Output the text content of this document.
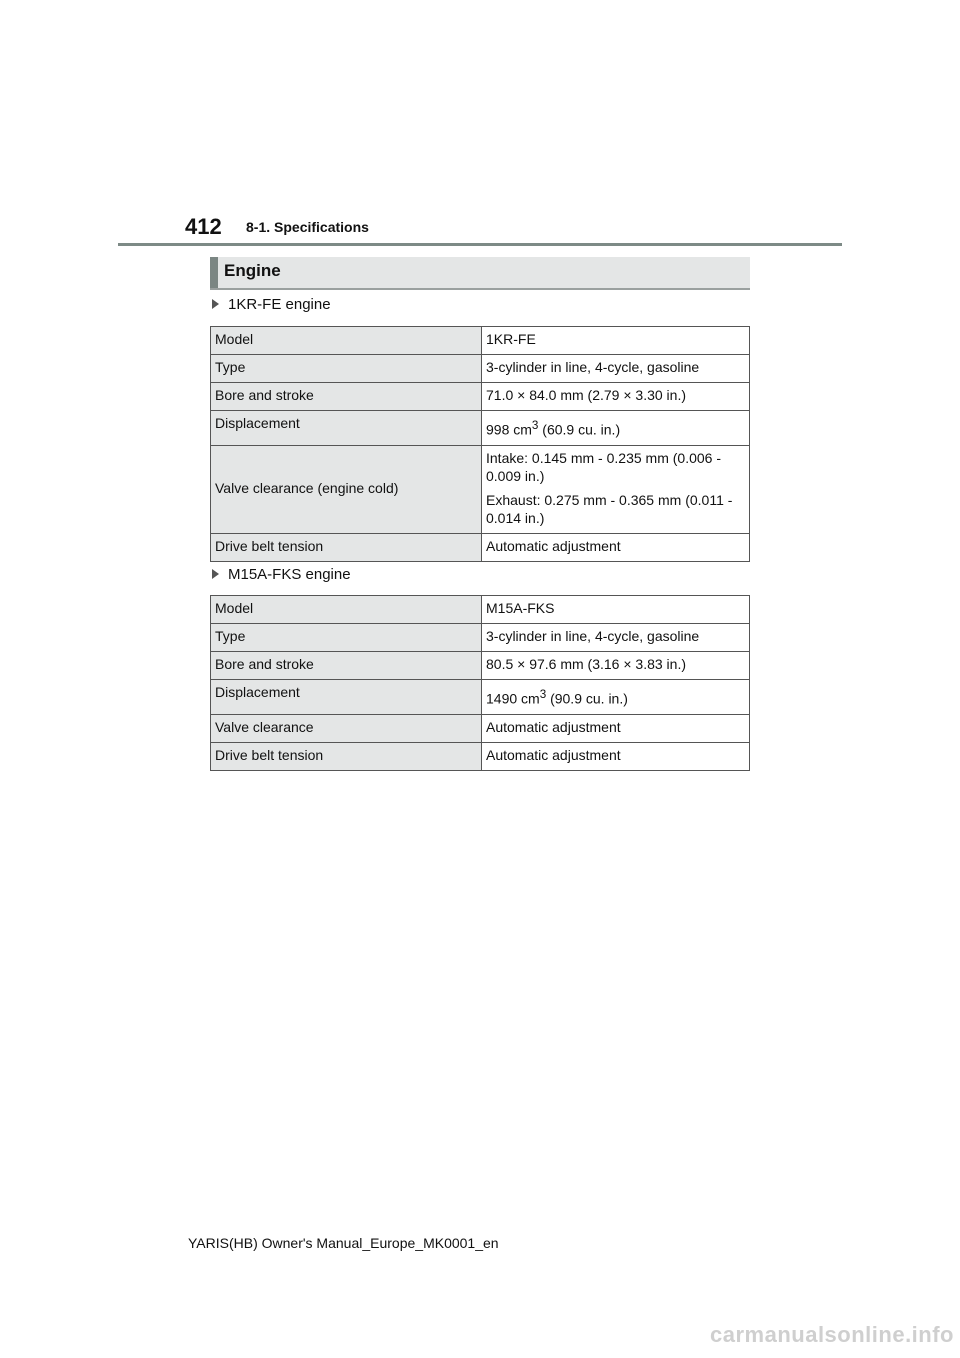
412 8-1. Specifications
Engine
1KR-FE engine
Model	1KR-FE
Type	3-cylinder in line, 4-cycle, gasoline
Bore and stroke	71.0 × 84.0 mm (2.79 × 3.30 in.)
Displacement	998 $cm^3$ (60.9 cu. in.)
Valve clearance (engine cold)	Intake: 0.145 mm - 0.235 mm (0.006 - 0.009 in.)

Exhaust: 0.275 mm - 0.365 mm (0.011 - 0.014 in.)

Drive belt tension	Automatic adjustment
M15A-FKS engine
Model	M15A-FKS
Type	3-cylinder in line, 4-cycle, gasoline
Bore and stroke	80.5 × 97.6 mm (3.16 × 3.83 in.)
Displacement	1490 $cm^3$ (90.9 cu. in.)
Valve clearance	Automatic adjustment
Drive belt tension	Automatic adjustment
YARIS(HB) Owner's Manual_Europe_MK0001_en
carmanualsonline.info
